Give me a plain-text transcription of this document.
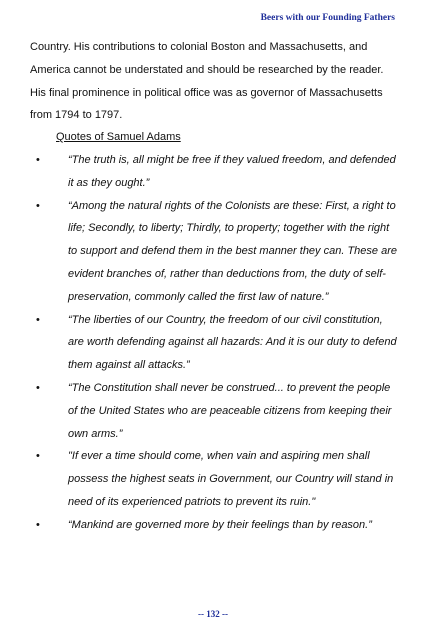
Beers with our Founding Fathers

Country. His contributions to colonial Boston and Massachusetts, and America cannot be understated and should be researched by the reader. His final prominence in political office was as governor of Massachusetts from 1794 to 1797.

Quotes of Samuel Adams
•	“The truth is, all might be free if they valued freedom, and defended it as they ought.”
•	“Among the natural rights of the Colonists are these: First, a right to life; Secondly, to liberty; Thirdly, to property; together with the right to support and defend them in the best manner they can. These are evident branches of, rather than deductions from, the duty of self-preservation, commonly called the first law of nature.”
•	“The liberties of our Country, the freedom of our civil constitution, are worth defending against all hazards: And it is our duty to defend them against all attacks.”
•	“The Constitution shall never be construed... to prevent the people of the United States who are peaceable citizens from keeping their own arms.”
•	"If ever a time should come, when vain and aspiring men shall possess the highest seats in Government, our Country will stand in need of its experienced patriots to prevent its ruin."
•	“Mankind are governed more by their feelings than by reason.”
-- 132 --
